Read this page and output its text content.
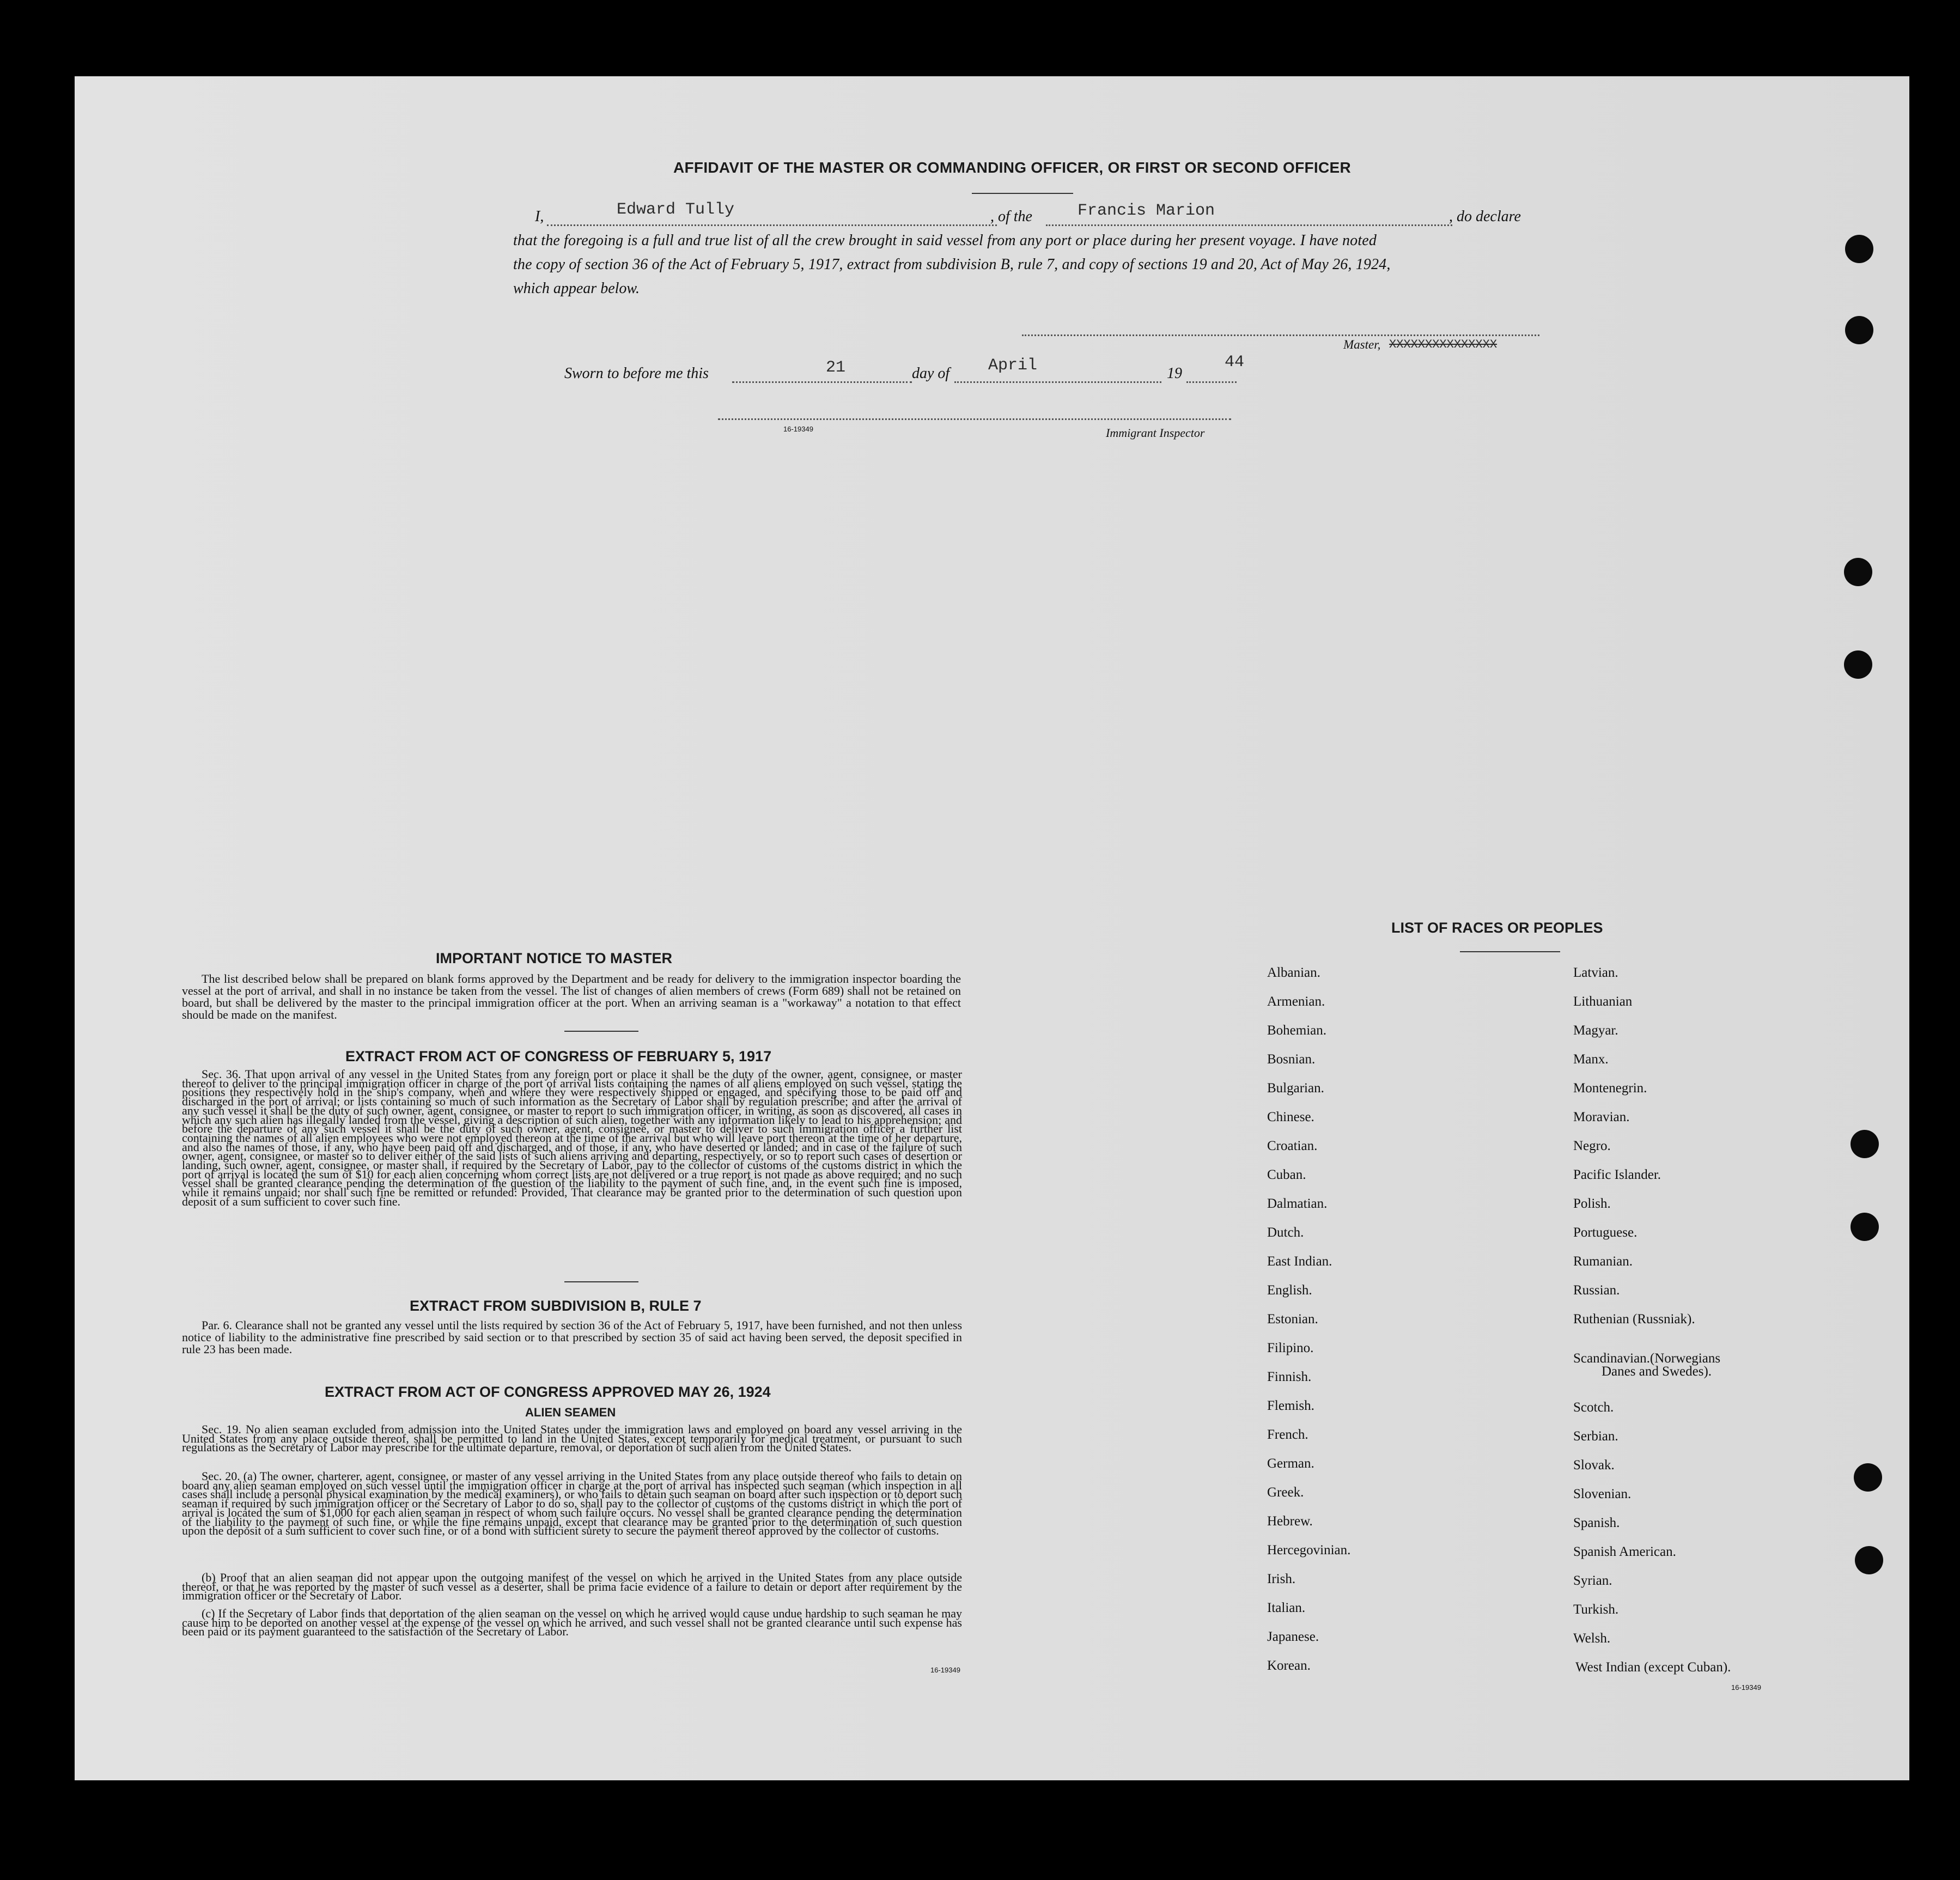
AFFIDAVIT OF THE MASTER OR COMMANDING OFFICER, OR FIRST OR SECOND OFFICER
I,	Edward Tully	, of the	Francis Marion	, do declare
that the foregoing is a full and true list of all the crew brought in said vessel from any port or place during her present voyage. I have noted
the copy of section 36 of the Act of February 5, 1917, extract from subdivision B, rule 7, and copy of sections 19 and 20, Act of May 26, 1924,
which appear below.
Master, XXXXXXXXXXXXXXX
Sworn to before me this	21	day of April	19
44
16-19349	Immigrant Inspector
IMPORTANT NOTICE TO MASTER
The list described below shall be prepared on blank forms approved by the Department and be ready for delivery to the immigration inspector boarding the vessel at the port of arrival, and shall in no instance be taken from the vessel. The list of changes of alien members of crews (Form 689) shall not be retained on board, but shall be delivered by the master to the principal immigration officer at the port. When an arriving seaman is a "workaway" a notation to that effect should be made on the manifest.
EXTRACT FROM ACT OF CONGRESS OF FEBRUARY 5, 1917
Sec. 36. That upon arrival of any vessel in the United States from any foreign port or place it shall be the duty of the owner, agent, consignee, or master thereof to deliver to the principal immigration officer in charge of the port of arrival lists containing the names of all aliens employed on such vessel, stating the positions they respectively hold in the ship's company, when and where they were respectively shipped or engaged, and specifying those to be paid off and discharged in the port of arrival; or lists containing so much of such information as the Secretary of Labor shall by regulation prescribe; and after the arrival of any such vessel it shall be the duty of such owner, agent, consignee, or master to report to such immigration officer, in writing, as soon as discovered, all cases in which any such alien has illegally landed from the vessel, giving a description of such alien, together with any information likely to lead to his apprehension; and before the departure of any such vessel it shall be the duty of such owner, agent, consignee, or master to deliver to such immigration officer a further list containing the names of all alien employees who were not employed thereon at the time of the arrival but who will leave port thereon at the time of her departure, and also the names of those, if any, who have been paid off and discharged, and of those, if any, who have deserted or landed; and in case of the failure of such owner, agent, consignee, or master so to deliver either of the said lists of such aliens arriving and departing, respectively, or so to report such cases of desertion or landing, such owner, agent, consignee, or master shall, if required by the Secretary of Labor, pay to the collector of customs of the customs district in which the port of arrival is located the sum of $10 for each alien concerning whom correct lists are not delivered or a true report is not made as above required; and no such vessel shall be granted clearance pending the determination of the question of the liability to the payment of such fine, and, in the event such fine is imposed, while it remains unpaid; nor shall such fine be remitted or refunded: Provided, That clearance may be granted prior to the determination of such question upon deposit of a sum sufficient to cover such fine.
EXTRACT FROM SUBDIVISION B, RULE 7
Par. 6. Clearance shall not be granted any vessel until the lists required by section 36 of the Act of February 5, 1917, have been furnished, and not then unless notice of liability to the administrative fine prescribed by said section or to that prescribed by section 35 of said act having been served, the deposit specified in rule 23 has been made.
EXTRACT FROM ACT OF CONGRESS APPROVED MAY 26, 1924
ALIEN SEAMEN
Sec. 19. No alien seaman excluded from admission into the United States under the immigration laws and employed on board any vessel arriving in the United States from any place outside thereof, shall be permitted to land in the United States, except temporarily for medical treatment, or pursuant to such regulations as the Secretary of Labor may prescribe for the ultimate departure, removal, or deportation of such alien from the United States.
Sec. 20. (a) The owner, charterer, agent, consignee, or master of any vessel arriving in the United States from any place outside thereof who fails to detain on board any alien seaman employed on such vessel until the immigration officer in charge at the port of arrival has inspected such seaman (which inspection in all cases shall include a personal physical examination by the medical examiners), or who fails to detain such seaman on board after such inspection or to deport such seaman if required by such immigration officer or the Secretary of Labor to do so, shall pay to the collector of customs of the customs district in which the port of arrival is located the sum of $1,000 for each alien seaman in respect of whom such failure occurs. No vessel shall be granted clearance pending the determination of the liability to the payment of such fine, or while the fine remains unpaid, except that clearance may be granted prior to the determination of such question upon the deposit of a sum sufficient to cover such fine, or of a bond with sufficient surety to secure the payment thereof approved by the collector of customs.
(b) Proof that an alien seaman did not appear upon the outgoing manifest of the vessel on which he arrived in the United States from any place outside thereof, or that he was reported by the master of such vessel as a deserter, shall be prima facie evidence of a failure to detain or deport after requirement by the immigration officer or the Secretary of Labor.
(c) If the Secretary of Labor finds that deportation of the alien seaman on the vessel on which he arrived would cause undue hardship to such seaman he may cause him to be deported on another vessel at the expense of the vessel on which he arrived, and such vessel shall not be granted clearance until such expense has been paid or its payment guaranteed to the satisfaction of the Secretary of Labor.
16-19349
LIST OF RACES OR PEOPLES
Albanian.
Armenian.
Bohemian.
Bosnian.
Bulgarian.
Chinese.
Croatian.
Cuban.
Dalmatian.
Dutch.
East Indian.
English.
Estonian.
Filipino.
Finnish.
Flemish.
French.
German.
Greek.
Hebrew.
Hercegovinian.
Irish.
Italian.
Japanese.
Korean.
Latvian.
Lithuanian
Magyar.
Manx.
Montenegrin.
Moravian.
Negro.
Pacific Islander.
Polish.
Portuguese.
Rumanian.
Russian.
Ruthenian (Russniak).
Scandinavian.(Norwegians
Danes and Swedes).
Scotch.
Serbian.
Slovak.
Slovenian.
Spanish.
Spanish American.
Syrian.
Turkish.
Welsh.
West Indian (except Cuban).
16-19349
